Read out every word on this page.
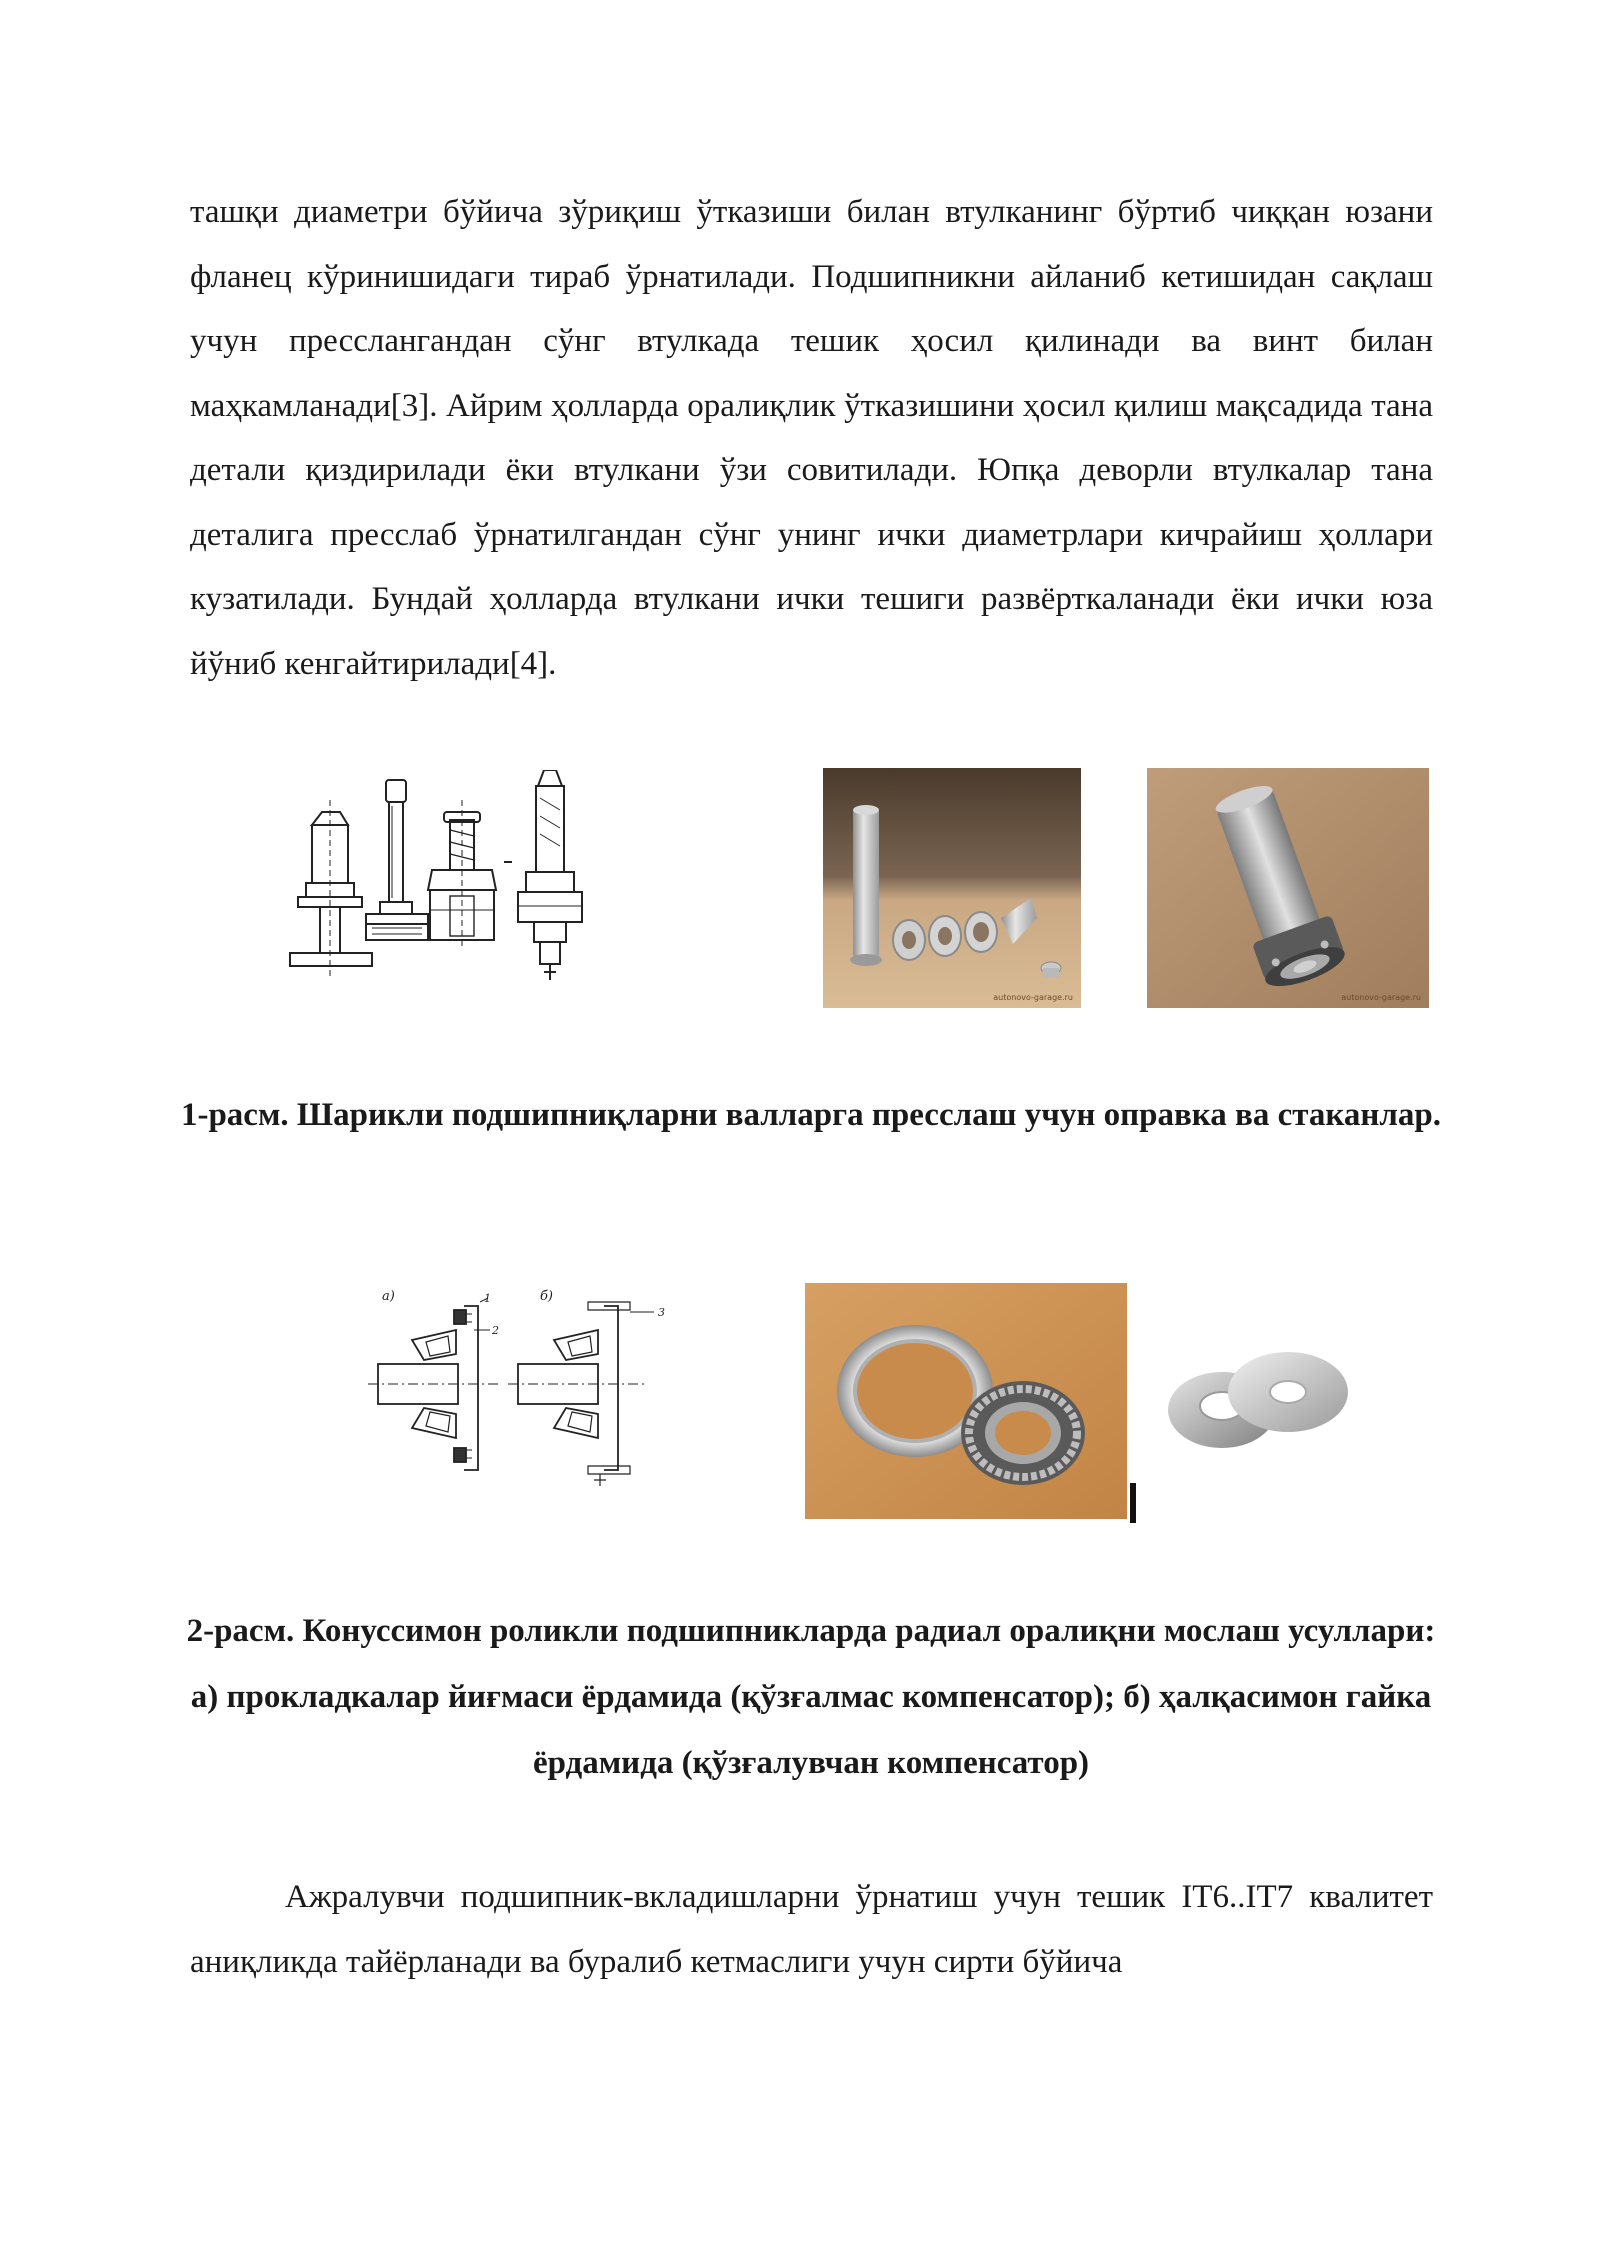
ташқи диаметри бўйича зўриқиш ўтказиши билан втулканинг бўртиб чиққан юзани фланец кўринишидаги тираб ўрнатилади. Подшипникни айланиб кетишидан сақлаш учун пресслангандан сўнг втулкада тешик ҳосил қилинади ва винт билан маҳкамланади[3]. Айрим ҳолларда оралиқлик ўтказишини ҳосил қилиш мақсадида тана детали қиздирилади ёки втулкани ўзи совитилади. Юпқа деворли втулкалар тана деталига пресслаб ўрнатилгандан сўнг унинг ички диаметрлари кичрайиш ҳоллари кузатилади. Бундай ҳолларда втулкани ички тешиги развёрткаланади ёки ички юза йўниб кенгайтирилади[4].

autonovo-garage.ru	autonovo-garage.ru

1-расм. Шарикли подшипниқларни валларга пресслаш учун оправка ва стаканлар.

а)	б)
1
2
3

2-расм. Конуссимон роликли подшипникларда радиал оралиқни мослаш усуллари: а) прокладкалар йиғмаси ёрдамида (қўзғалмас компенсатор); б) ҳалқасимон гайка ёрдамида (қўзғалувчан компенсатор)

Ажралувчи подшипник-вкладишларни ўрнатиш учун тешик IT6..IT7 квалитет аниқликда тайёрланади ва буралиб кетмаслиги учун сирти бўйича
